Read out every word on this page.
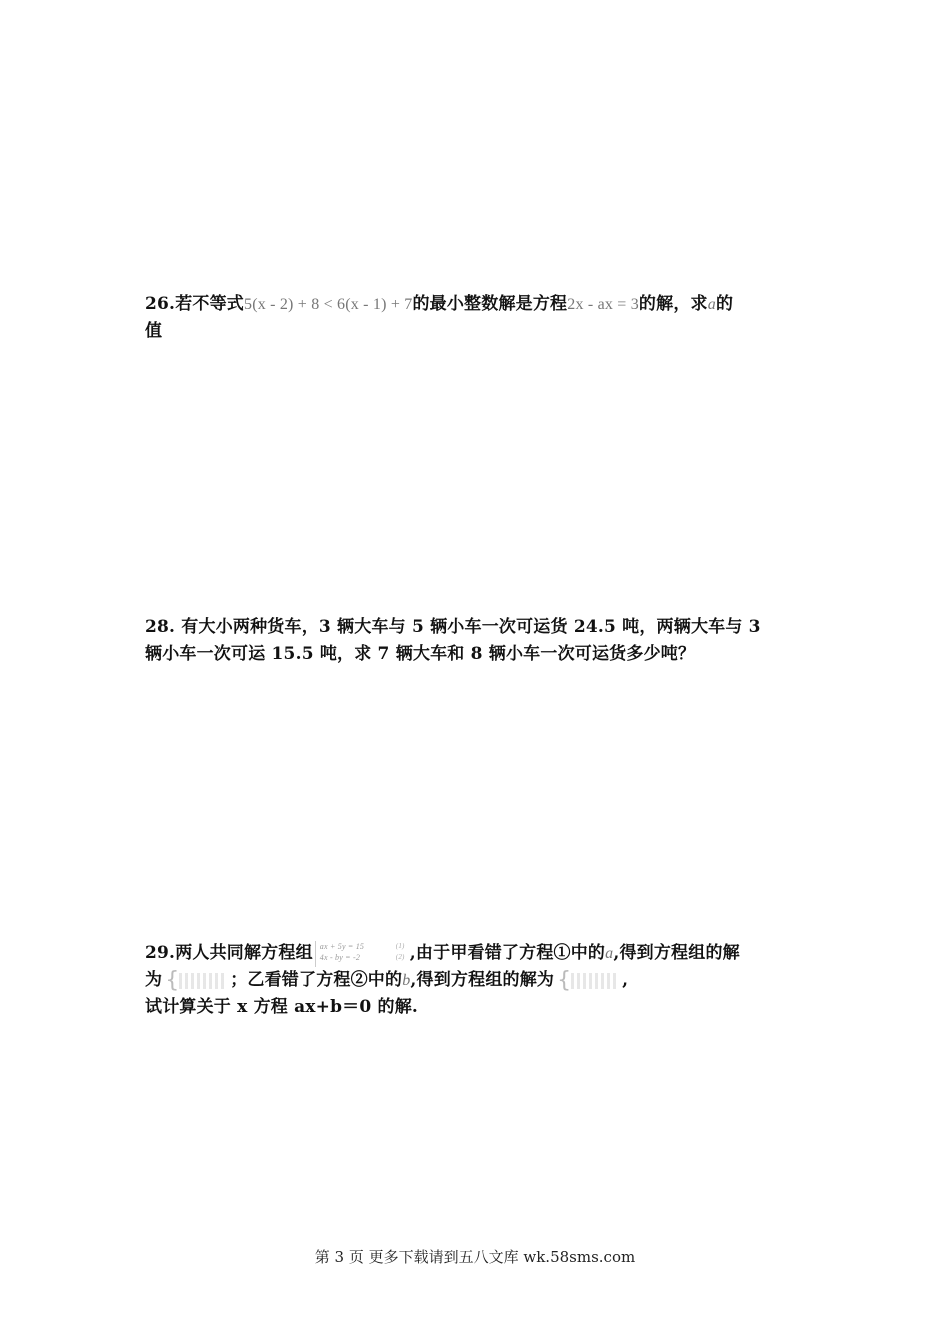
26.若不等式5(x - 2) + 8 < 6(x - 1) + 7的最小整数解是方程2x - ax = 3的解，求a的
值
28. 有大小两种货车，3 辆大车与 5 辆小车一次可运货 24.5 吨，两辆大车与 3
辆小车一次可运 15.5 吨，求 7 辆大车和 8 辆小车一次可运货多少吨？
29.两人共同解方程组 ax + 5y = 15
4x - by = -2
(1)
(2) ,由于甲看错了方程①中的a,得到方程组的解
为 {	；乙看错了方程②中的b,得到方程组的解为 {	,
试计算关于 x 方程 ax+b＝0 的解.
第 3 页 更多下载请到五八文库 wk.58sms.com
